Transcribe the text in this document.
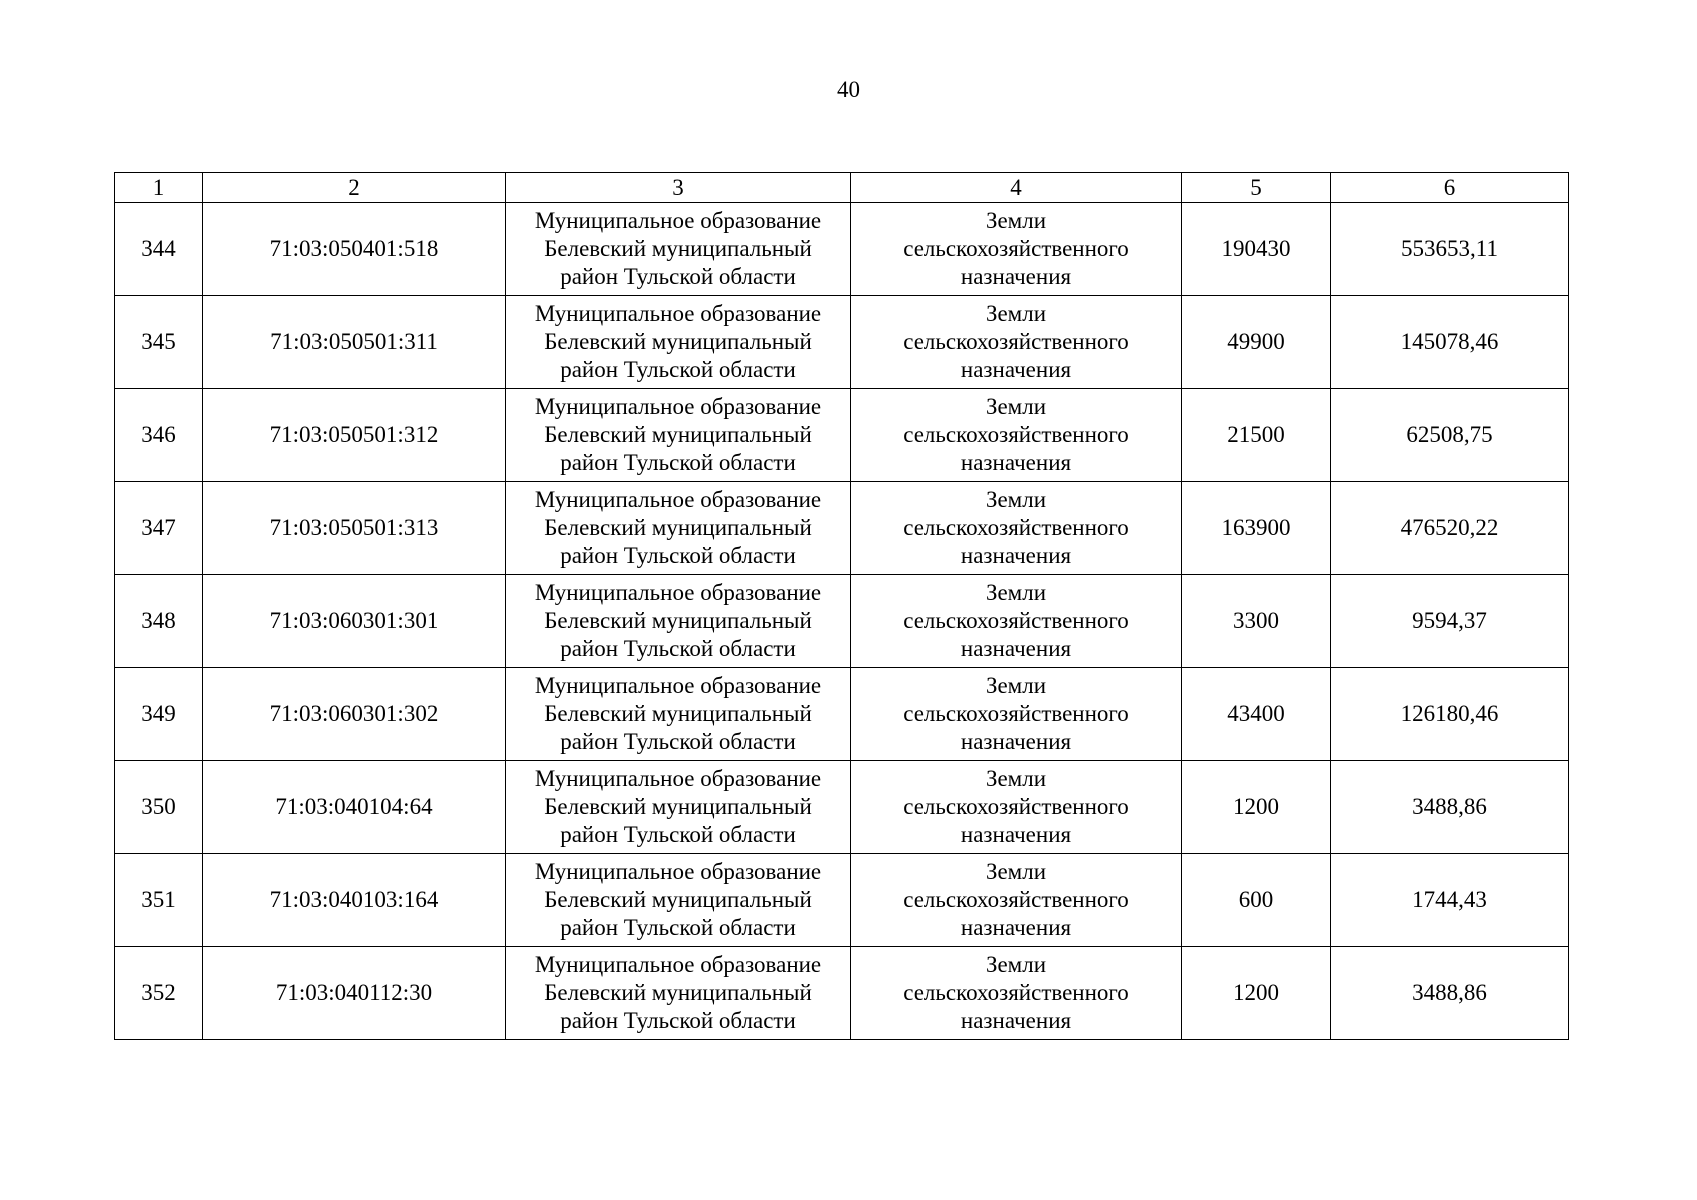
40
1	2	3	4	5	6
344	71:03:050401:518	Муниципальное образование
Белевский муниципальный
район Тульской области	Земли
сельскохозяйственного
назначения	190430	553653,11
345	71:03:050501:311	Муниципальное образование
Белевский муниципальный
район Тульской области	Земли
сельскохозяйственного
назначения	49900	145078,46
346	71:03:050501:312	Муниципальное образование
Белевский муниципальный
район Тульской области	Земли
сельскохозяйственного
назначения	21500	62508,75
347	71:03:050501:313	Муниципальное образование
Белевский муниципальный
район Тульской области	Земли
сельскохозяйственного
назначения	163900	476520,22
348	71:03:060301:301	Муниципальное образование
Белевский муниципальный
район Тульской области	Земли
сельскохозяйственного
назначения	3300	9594,37
349	71:03:060301:302	Муниципальное образование
Белевский муниципальный
район Тульской области	Земли
сельскохозяйственного
назначения	43400	126180,46
350	71:03:040104:64	Муниципальное образование
Белевский муниципальный
район Тульской области	Земли
сельскохозяйственного
назначения	1200	3488,86
351	71:03:040103:164	Муниципальное образование
Белевский муниципальный
район Тульской области	Земли
сельскохозяйственного
назначения	600	1744,43
352	71:03:040112:30	Муниципальное образование
Белевский муниципальный
район Тульской области	Земли
сельскохозяйственного
назначения	1200	3488,86
